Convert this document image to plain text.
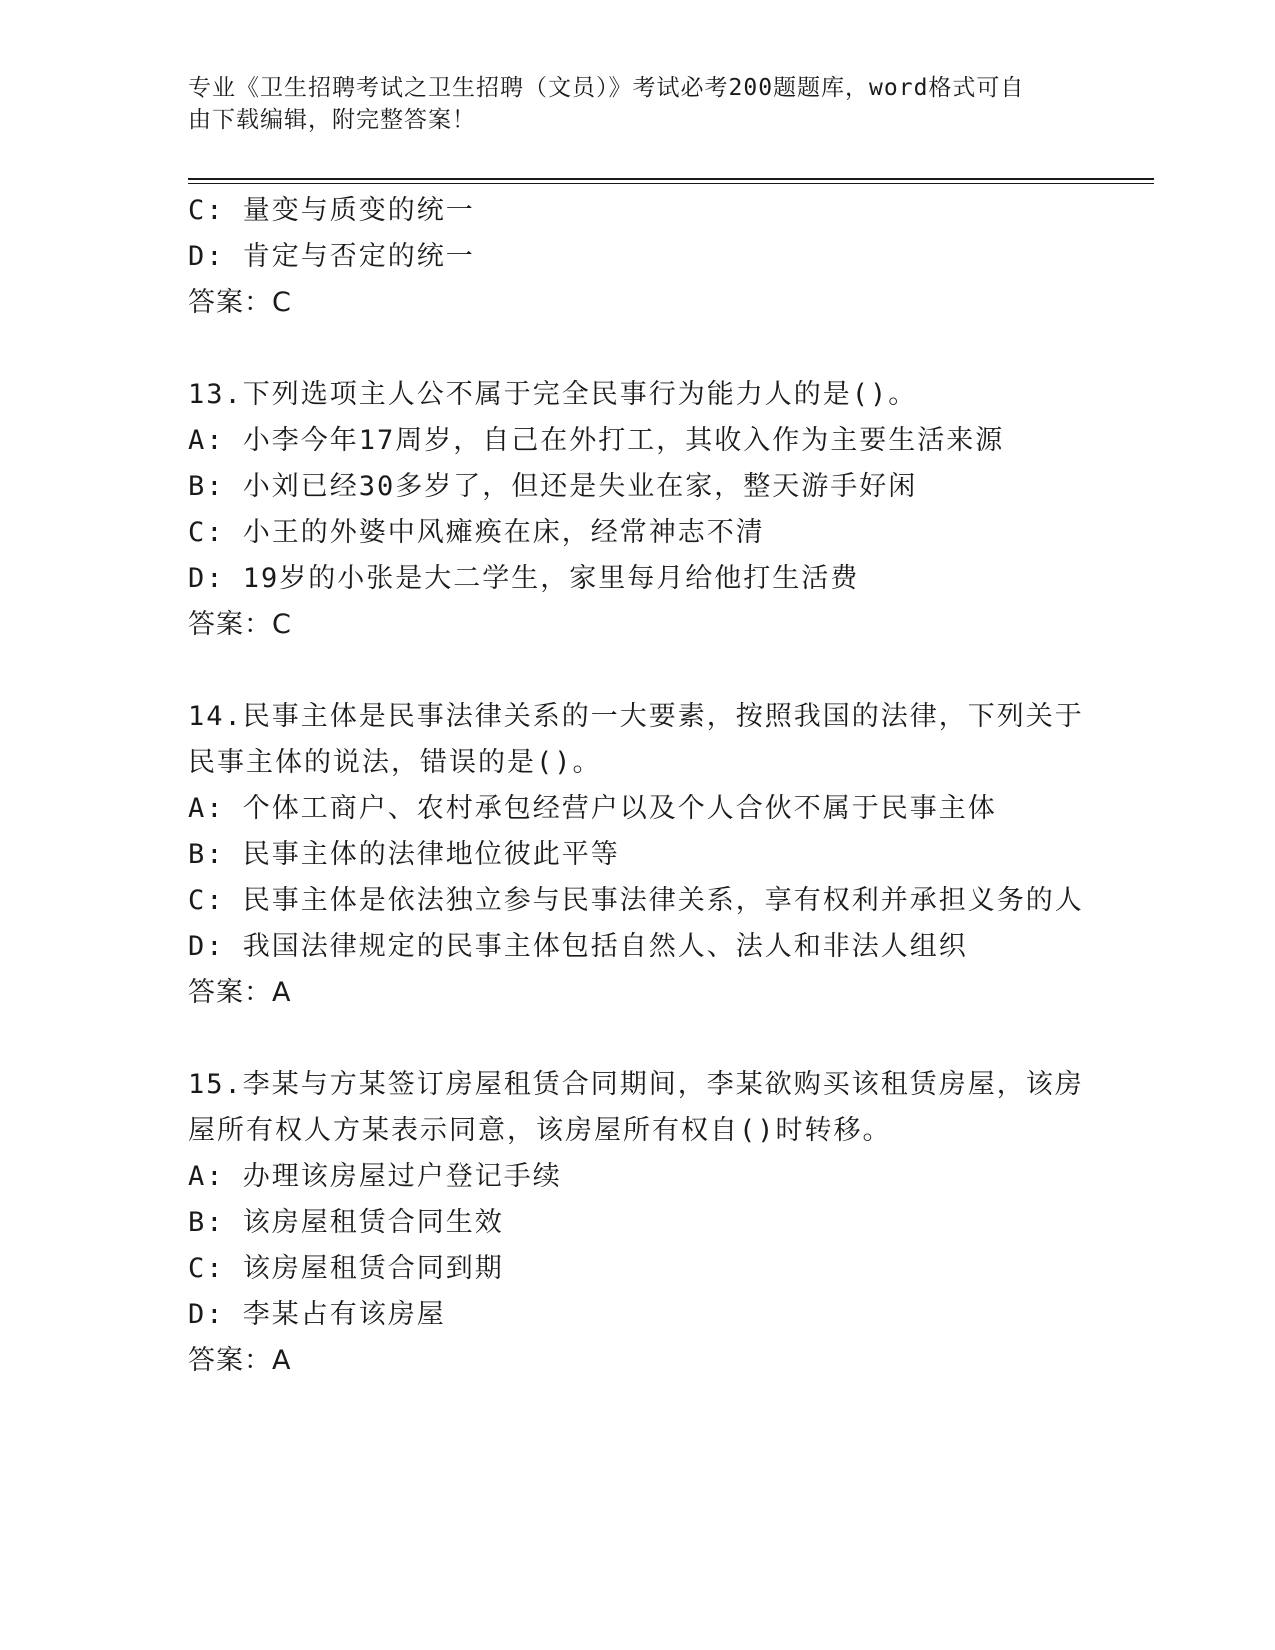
专业《卫生招聘考试之卫生招聘（文员）》考试必考200题题库，word格式可自
由下载编辑，附完整答案！
C: 量变与质变的统一
D: 肯定与否定的统一
答案：C
13.下列选项主人公不属于完全民事行为能力人的是()。
A: 小李今年17周岁，自己在外打工，其收入作为主要生活来源
B: 小刘已经30多岁了，但还是失业在家，整天游手好闲
C: 小王的外婆中风瘫痪在床，经常神志不清
D: 19岁的小张是大二学生，家里每月给他打生活费
答案：C
14.民事主体是民事法律关系的一大要素，按照我国的法律，下列关于
民事主体的说法，错误的是()。
A: 个体工商户、农村承包经营户以及个人合伙不属于民事主体
B: 民事主体的法律地位彼此平等
C: 民事主体是依法独立参与民事法律关系，享有权利并承担义务的人
D: 我国法律规定的民事主体包括自然人、法人和非法人组织
答案：A
15.李某与方某签订房屋租赁合同期间，李某欲购买该租赁房屋，该房
屋所有权人方某表示同意，该房屋所有权自()时转移。
A: 办理该房屋过户登记手续
B: 该房屋租赁合同生效
C: 该房屋租赁合同到期
D: 李某占有该房屋
答案：A
